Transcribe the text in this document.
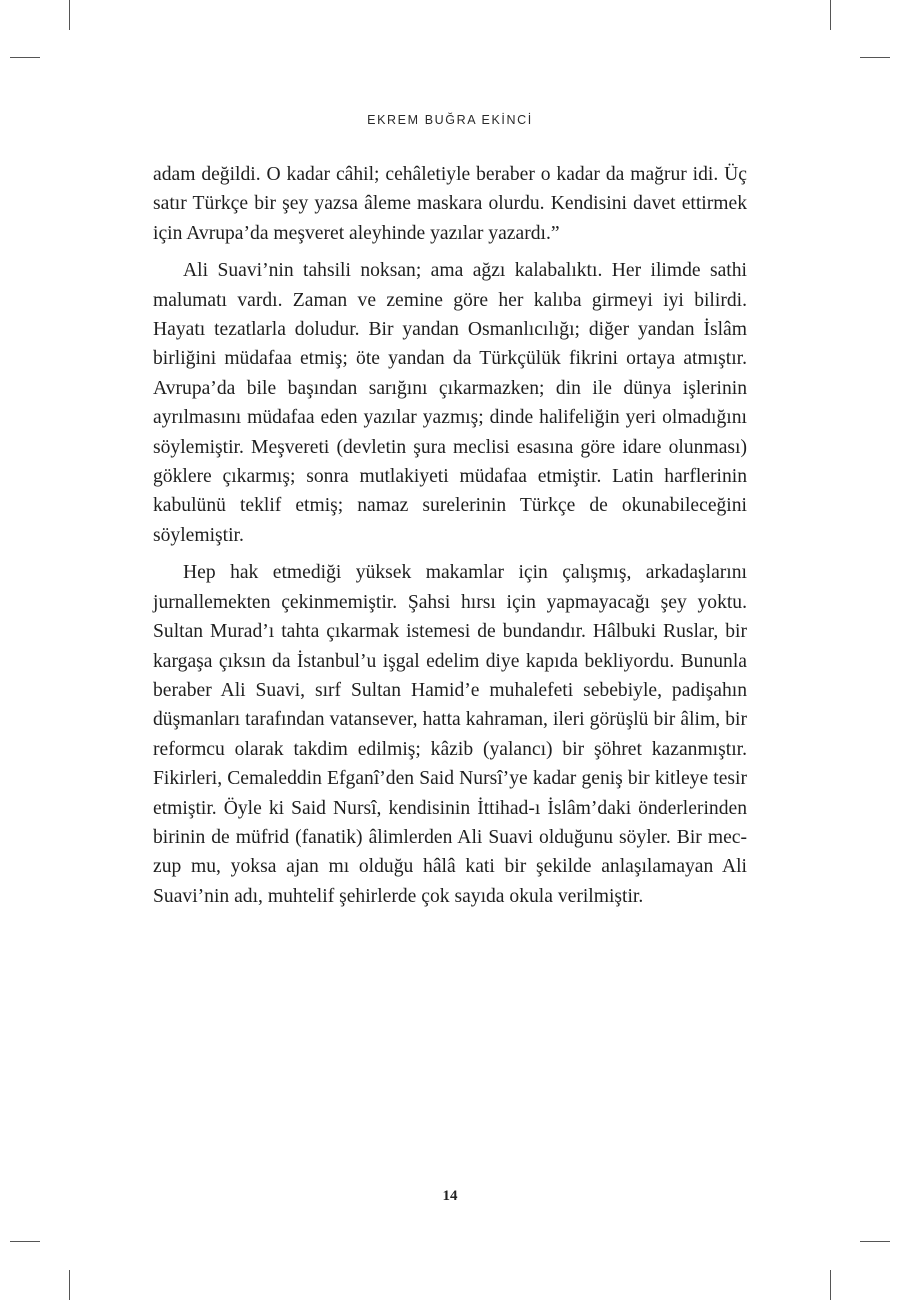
EKREM BUĞRA EKİNCİ

adam değildi. O kadar câhil; cehâletiyle beraber o kadar da mağrur idi. Üç satır Türkçe bir şey yazsa âleme maskara olurdu. Kendisini davet ettirmek için Avrupa’da meşveret aleyhinde yazılar yazardı.”

Ali Suavi’nin tahsili noksan; ama ağzı kalabalıktı. Her ilimde sathi malumatı vardı. Zaman ve zemine göre her kalıba girmeyi iyi bilirdi. Hayatı tezatlarla doludur. Bir yandan Osmanlıcılığı; diğer yandan İslâm birliğini müdafaa etmiş; öte yandan da Türkçülük fikrini ortaya atmıştır. Avrupa’da bile başından sarığını çıkarmazken; din ile dünya işlerinin ayrılmasını müdafaa eden yazılar yazmış; dinde halifeliğin yeri olmadığını söylemiştir. Meşvereti (devletin şura meclisi esasına göre idare olunması) göklere çıkarmış; sonra mutlakiyeti müdafaa etmiştir. Latin harflerinin kabulünü teklif etmiş; namaz surelerinin Türkçe de okunabileceğini söylemiştir.

Hep hak etmediği yüksek makamlar için çalışmış, arkadaşlarını jurnallemekten çekinmemiştir. Şahsi hırsı için yapmayacağı şey yoktu. Sultan Murad’ı tahta çıkarmak istemesi de bundandır. Hâlbuki Ruslar, bir kargaşa çıksın da İstanbul’u işgal edelim diye kapıda bekliyordu. Bununla beraber Ali Suavi, sırf Sultan Hamid’e muhalefeti sebebiyle, padişahın düşmanları tarafından vatansever, hatta kahraman, ileri görüşlü bir âlim, bir reformcu olarak takdim edilmiş; kâzib (yalancı) bir şöhret kazanmıştır. Fikirleri, Cemaleddin Efganî’den Said Nursî’ye kadar geniş bir kitleye tesir etmiştir. Öyle ki Said Nursî, kendisinin İttihad-ı İslâm’daki önderlerinden birinin de müfrid (fanatik) âlimlerden Ali Suavi olduğunu söyler. Bir meczup mu, yoksa ajan mı olduğu hâlâ kati bir şekilde anlaşılamayan Ali Suavi’nin adı, muhtelif şehirlerde çok sayıda okula verilmiştir.

14
